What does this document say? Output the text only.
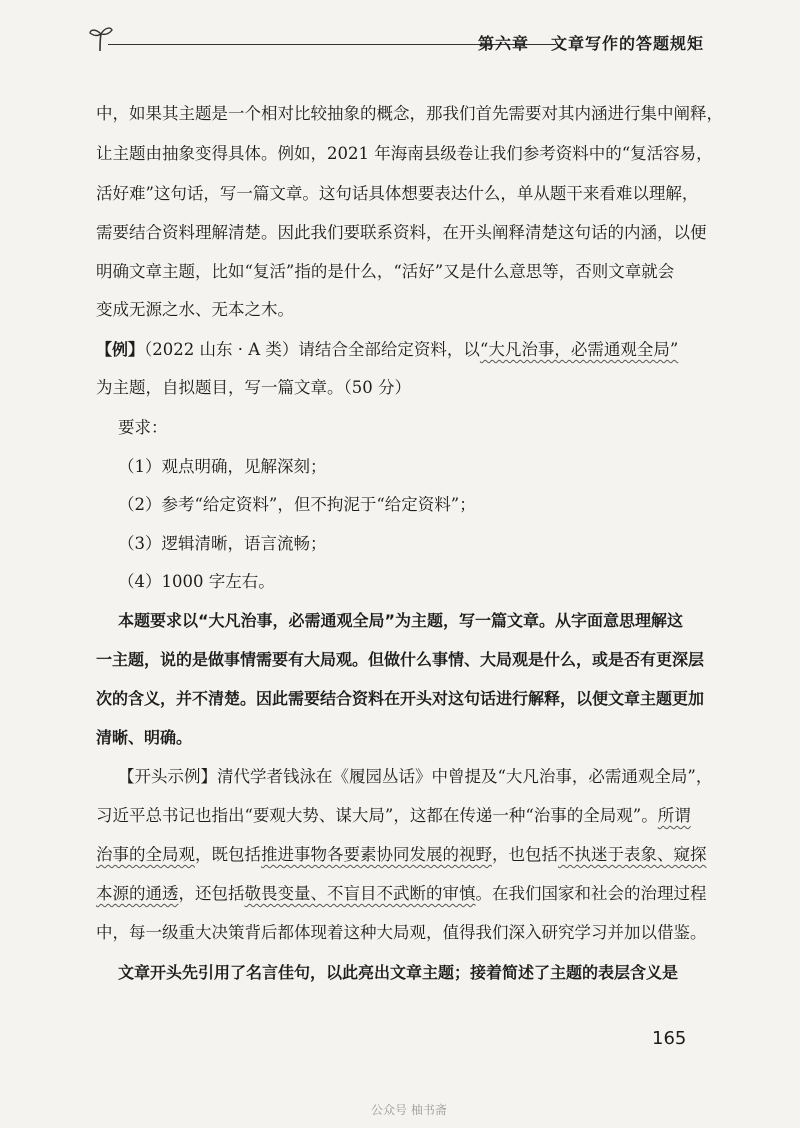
第六章 文章写作的答题规矩
中，如果其主题是一个相对比较抽象的概念，那我们首先需要对其内涵进行集中阐释，
让主题由抽象变得具体。例如，2021 年海南县级卷让我们参考资料中的“复活容易，
活好难”这句话，写一篇文章。这句话具体想要表达什么，单从题干来看难以理解，
需要结合资料理解清楚。因此我们要联系资料，在开头阐释清楚这句话的内涵，以便
明确文章主题，比如“复活”指的是什么，“活好”又是什么意思等，否则文章就会
变成无源之水、无本之木。
【例】（2022 山东 · A 类）请结合全部给定资料，以“大凡治事，必需通观全局”
为主题，自拟题目，写一篇文章。（50 分）
要求：
（1）观点明确，见解深刻；
（2）参考“给定资料”，但不拘泥于“给定资料”；
（3）逻辑清晰，语言流畅；
（4）1000 字左右。
本题要求以“大凡治事，必需通观全局”为主题，写一篇文章。从字面意思理解这
一主题，说的是做事情需要有大局观。但做什么事情、大局观是什么，或是否有更深层
次的含义，并不清楚。因此需要结合资料在开头对这句话进行解释，以便文章主题更加
清晰、明确。
【开头示例】清代学者钱泳在《履园丛话》中曾提及“大凡治事，必需通观全局”，
习近平总书记也指出“要观大势、谋大局”，这都在传递一种“治事的全局观”。所谓
治事的全局观，既包括推进事物各要素协同发展的视野，也包括不执迷于表象、窥探
本源的通透，还包括敬畏变量、不盲目不武断的审慎。在我们国家和社会的治理过程
中，每一级重大决策背后都体现着这种大局观，值得我们深入研究学习并加以借鉴。
文章开头先引用了名言佳句，以此亮出文章主题；接着简述了主题的表层含义是
165
公众号 柚书斋
